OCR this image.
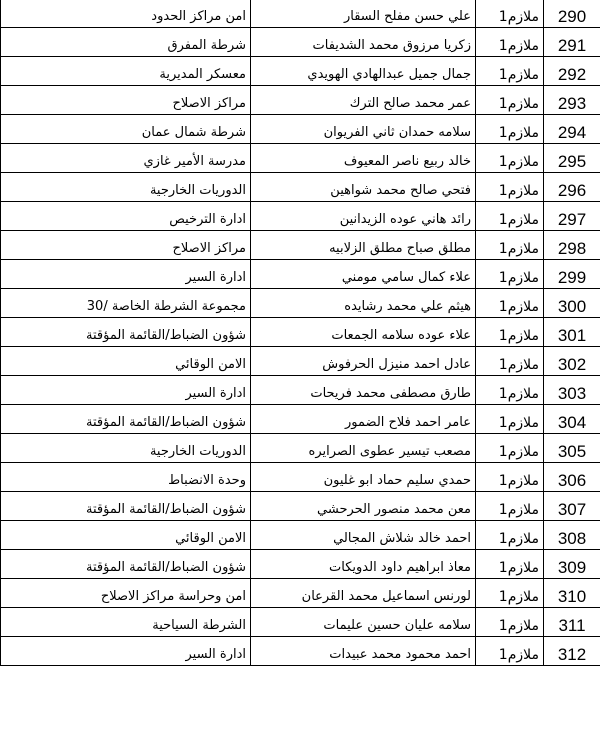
290	ملازم1	علي حسن مفلح السقار	امن مراكز الحدود
291	ملازم1	زكريا مرزوق محمد الشديفات	شرطة المفرق
292	ملازم1	جمال جميل عبدالهادي الهويدي	معسكر المديرية
293	ملازم1	عمر محمد صالح الترك	مراكز الاصلاح
294	ملازم1	سلامه حمدان ثاني الفريوان	شرطة شمال عمان
295	ملازم1	خالد ربيع ناصر المعيوف	مدرسة الأمير غازي
296	ملازم1	فتحي صالح محمد شواهين	الدوريات الخارجية
297	ملازم1	رائد هاني عوده الزيدانين	ادارة الترخيص
298	ملازم1	مطلق صباح مطلق الزلابيه	مراكز الاصلاح
299	ملازم1	علاء كمال سامي مومني	ادارة السير
300	ملازم1	هيثم علي محمد رشايده	مجموعة الشرطة الخاصة /30
301	ملازم1	علاء عوده سلامه الجمعات	شؤون الضباط/القائمة المؤقتة
302	ملازم1	عادل احمد منيزل الحرفوش	الامن الوقائي
303	ملازم1	طارق مصطفى محمد فريحات	ادارة السير
304	ملازم1	عامر احمد فلاح الضمور	شؤون الضباط/القائمة المؤقتة
305	ملازم1	مصعب تيسير عطوى الصرايره	الدوريات الخارجية
306	ملازم1	حمدي سليم حماد ابو غليون	وحدة الانضباط
307	ملازم1	معن محمد منصور الحرحشي	شؤون الضباط/القائمة المؤقتة
308	ملازم1	احمد خالد شلاش المجالي	الامن الوقائي
309	ملازم1	معاذ ابراهيم داود الدويكات	شؤون الضباط/القائمة المؤقتة
310	ملازم1	لورنس اسماعيل محمد القرعان	امن وحراسة مراكز الاصلاح
311	ملازم1	سلامه عليان حسين عليمات	الشرطة السياحية
312	ملازم1	احمد محمود محمد عبيدات	ادارة السير
